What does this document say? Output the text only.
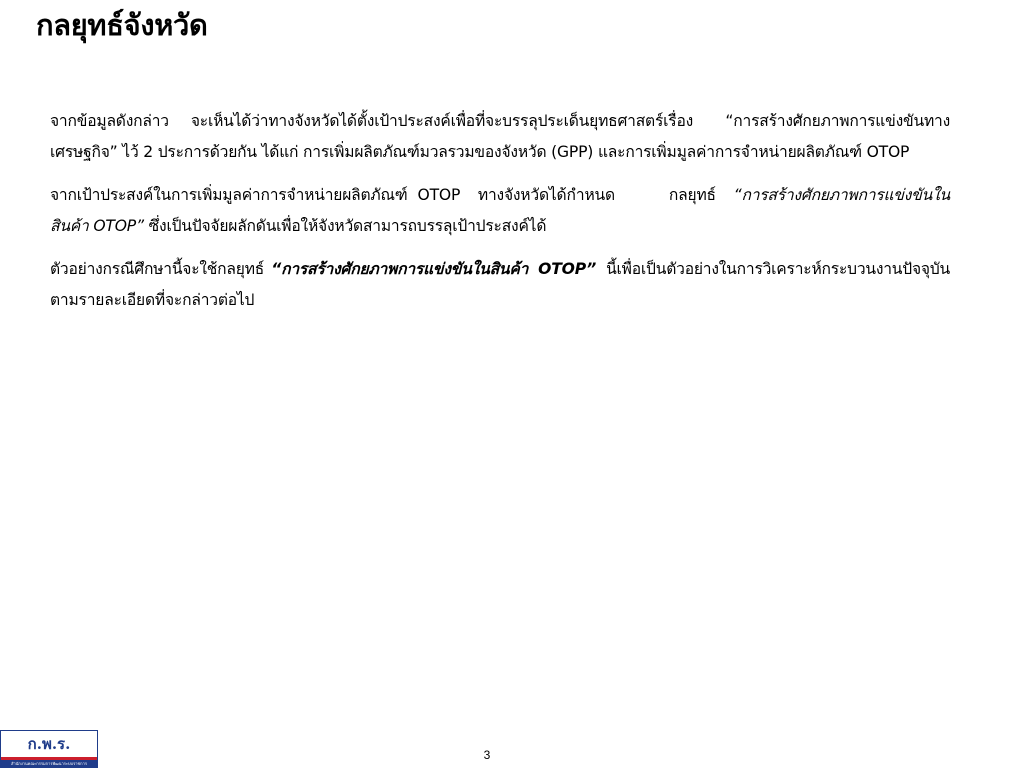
กลยุทธ์จังหวัด

จากข้อมูลดังกล่าว จะเห็นได้ว่าทางจังหวัดได้ตั้งเป้าประสงค์เพื่อที่จะบรรลุประเด็นยุทธศาสตร์เรื่อง “การสร้างศักยภาพการแข่งขันทางเศรษฐกิจ” ไว้ 2 ประการด้วยกัน ได้แก่ การเพิ่มผลิตภัณฑ์มวลรวมของจังหวัด (GPP) และการเพิ่มมูลค่าการจำหน่ายผลิตภัณฑ์ OTOP

จากเป้าประสงค์ในการเพิ่มมูลค่าการจำหน่ายผลิตภัณฑ์ OTOP ทางจังหวัดได้กำหนด	กลยุทธ์ “การสร้างศักยภาพการแข่งขันในสินค้า OTOP” ซึ่งเป็นปัจจัยผลักดันเพื่อให้จังหวัดสามารถบรรลุเป้าประสงค์ได้

ตัวอย่างกรณีศึกษานี้จะใช้กลยุทธ์ “การสร้างศักยภาพการแข่งขันในสินค้า OTOP” นี้เพื่อเป็นตัวอย่างในการวิเคราะห์กระบวนงานปัจจุบันตามรายละเอียดที่จะกล่าวต่อไป

ก.พ.ร.
สำนักงานคณะกรรมการพัฒนาระบบราชการ
3
